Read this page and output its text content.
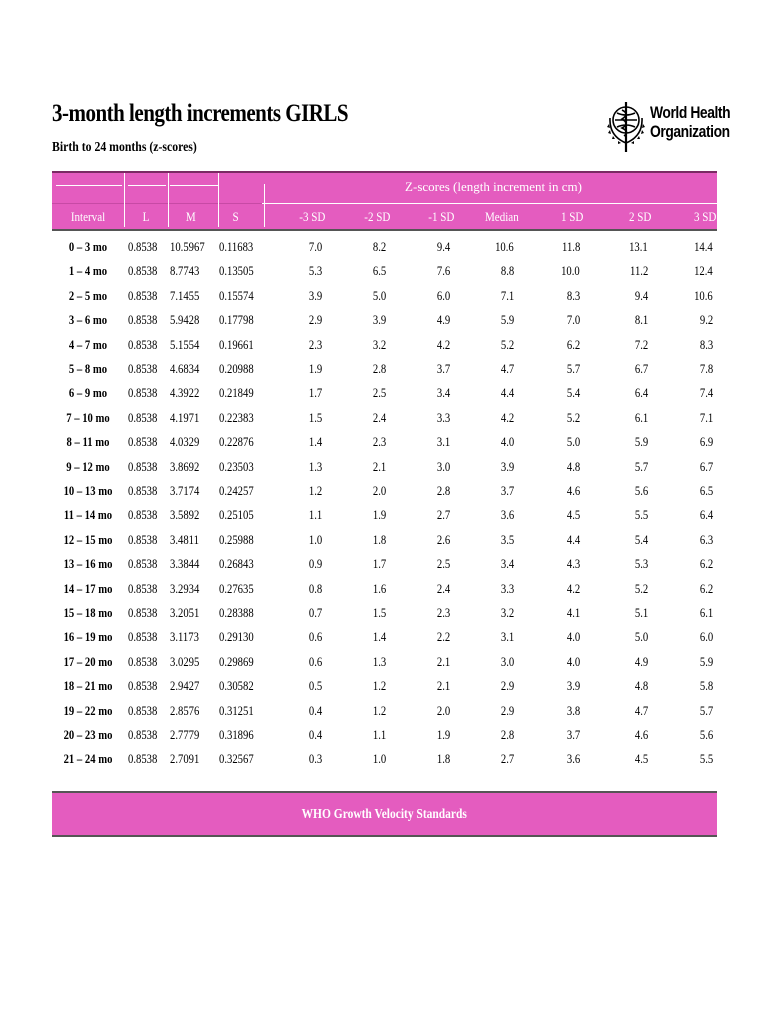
3-month length increments GIRLS
Birth to 24 months (z-scores)
World Health
Organization
Z-scores (length increment in cm)
Interval	L	M	S	-3 SD	-2 SD	-1 SD Median	1 SD	2 SD	3 SD
0 – 3 mo	0.8538 10.5967 0.11683	7.0	8.2	9.4	10.6	11.8	13.1	14.4
1 – 4 mo	0.8538 8.7743 0.13505	5.3	6.5	7.6	8.8	10.0	11.2	12.4
2 – 5 mo	0.8538 7.1455 0.15574	3.9	5.0	6.0	7.1	8.3	9.4	10.6
3 – 6 mo	0.8538 5.9428 0.17798	2.9	3.9	4.9	5.9	7.0	8.1	9.2
4 – 7 mo	0.8538 5.1554 0.19661	2.3	3.2	4.2	5.2	6.2	7.2	8.3
5 – 8 mo	0.8538 4.6834 0.20988	1.9	2.8	3.7	4.7	5.7	6.7	7.8
6 – 9 mo	0.8538 4.3922 0.21849	1.7	2.5	3.4	4.4	5.4	6.4	7.4
7 – 10 mo	0.8538 4.1971 0.22383	1.5	2.4	3.3	4.2	5.2	6.1	7.1
8 – 11 mo	0.8538 4.0329 0.22876	1.4	2.3	3.1	4.0	5.0	5.9	6.9
9 – 12 mo	0.8538 3.8692 0.23503	1.3	2.1	3.0	3.9	4.8	5.7	6.7
10 – 13 mo	0.8538 3.7174 0.24257	1.2	2.0	2.8	3.7	4.6	5.6	6.5
11 – 14 mo	0.8538 3.5892 0.25105	1.1	1.9	2.7	3.6	4.5	5.5	6.4
12 – 15 mo	0.8538 3.4811 0.25988	1.0	1.8	2.6	3.5	4.4	5.4	6.3
13 – 16 mo	0.8538 3.3844 0.26843	0.9	1.7	2.5	3.4	4.3	5.3	6.2
14 – 17 mo	0.8538 3.2934 0.27635	0.8	1.6	2.4	3.3	4.2	5.2	6.2
15 – 18 mo	0.8538 3.2051 0.28388	0.7	1.5	2.3	3.2	4.1	5.1	6.1
16 – 19 mo	0.8538 3.1173 0.29130	0.6	1.4	2.2	3.1	4.0	5.0	6.0
17 – 20 mo	0.8538 3.0295 0.29869	0.6	1.3	2.1	3.0	4.0	4.9	5.9
18 – 21 mo	0.8538 2.9427 0.30582	0.5	1.2	2.1	2.9	3.9	4.8	5.8
19 – 22 mo	0.8538 2.8576 0.31251	0.4	1.2	2.0	2.9	3.8	4.7	5.7
20 – 23 mo	0.8538 2.7779 0.31896	0.4	1.1	1.9	2.8	3.7	4.6	5.6
21 – 24 mo	0.8538 2.7091 0.32567	0.3	1.0	1.8	2.7	3.6	4.5	5.5
WHO Growth Velocity Standards
